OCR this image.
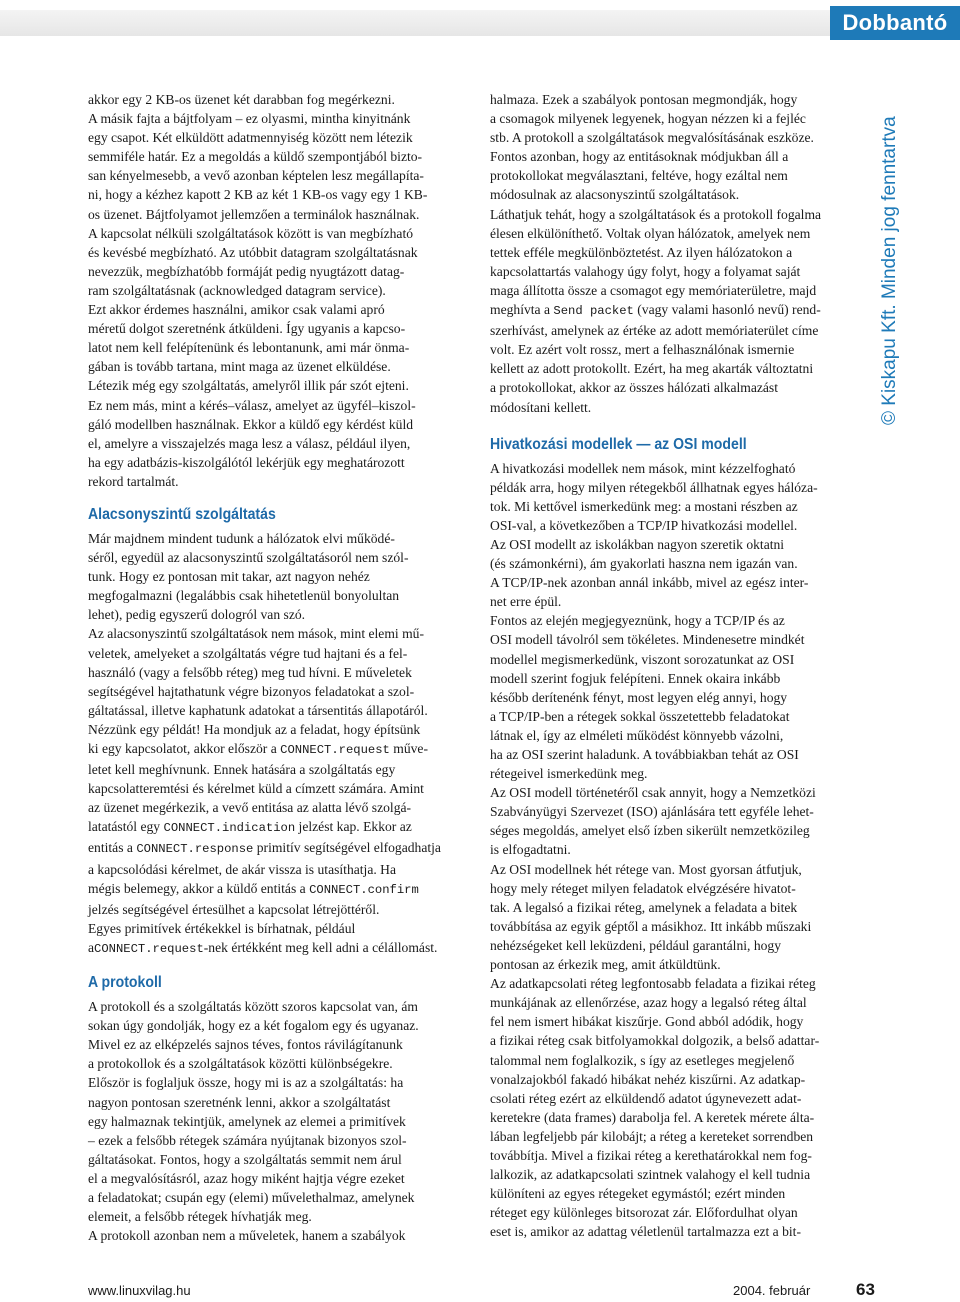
Dobbantó

akkor egy 2 KB-os üzenet két darabban fog megérkezni.
A másik fajta a bájtfolyam – ez olyasmi, mintha kinyitnánk
egy csapot. Két elküldött adatmennyiség között nem létezik
semmiféle határ. Ez a megoldás a küldő szempontjából bizto-
san kényelmesebb, a vevő azonban képtelen lesz megállapíta-
ni, hogy a kézhez kapott 2 KB az két 1 KB-os vagy egy 1 KB-
os üzenet. Bájtfolyamot jellemzően a terminálok használnak.

A kapcsolat nélküli szolgáltatások között is van megbízható
és kevésbé megbízható. Az utóbbit datagram szolgáltatásnak
nevezzük, megbízhatóbb formáját pedig nyugtázott datag-
ram szolgáltatásnak (acknowledged datagram service).

Ezt akkor érdemes használni, amikor csak valami apró
méretű dolgot szeretnénk átküldeni. Így ugyanis a kapcso-
latot nem kell felépítenünk és lebontanunk, ami már önma-
gában is tovább tartana, mint maga az üzenet elküldése.

Létezik még egy szolgáltatás, amelyről illik pár szót ejteni.
Ez nem más, mint a kérés–válasz, amelyet az ügyfél–kiszol-
gáló modellben használnak. Ekkor a küldő egy kérdést küld
el, amelyre a visszajelzés maga lesz a válasz, például ilyen,
ha egy adatbázis-kiszolgálótól lekérjük egy meghatározott
rekord tartalmát.

Alacsonyszintű szolgáltatás

Már majdnem mindent tudunk a hálózatok elvi működé-
séről, egyedül az alacsonyszintű szolgáltatásoról nem szól-
tunk. Hogy ez pontosan mit takar, azt nagyon nehéz
megfogalmazni (legalábbis csak hihetetlenül bonyolultan
lehet), pedig egyszerű dologról van szó.

Az alacsonyszintű szolgáltatások nem mások, mint elemi mű-
veletek, amelyeket a szolgáltatás végre tud hajtani és a fel-
használó (vagy a felsőbb réteg) meg tud hívni. E műveletek
segítségével hajtathatunk végre bizonyos feladatokat a szol-
gáltatással, illetve kaphatunk adatokat a társentitás állapotáról.

Nézzünk egy példát! Ha mondjuk az a feladat, hogy építsünk
ki egy kapcsolatot, akkor először a CONNECT.request műve-
letet kell meghívnunk. Ennek hatására a szolgáltatás egy
kapcsolatteremtési és kérelmet küld a címzett számára. Amint
az üzenet megérkezik, a vevő entitása az alatta lévő szolgá-
latatástól egy CONNECT.indication jelzést kap. Ekkor az
entitás a CONNECT.response primitív segítségével elfogadhatja
a kapcsolódási kérelmet, de akár vissza is utasíthatja. Ha
mégis belemegy, akkor a küldő entitás a CONNECT.confirm
jelzés segítségével értesülhet a kapcsolat létrejöttéről.

Egyes primitívek értékekkel is bírhatnak, például aCONNECT.request-nek értékként meg kell adni a célállomást.

A protokoll

A protokoll és a szolgáltatás között szoros kapcsolat van, ám
sokan úgy gondolják, hogy ez a két fogalom egy és ugyanaz.
Mivel ez az elképzelés sajnos téves, fontos rávilágítanunk
a protokollok és a szolgáltatások közötti különbségekre.

Először is foglaljuk össze, hogy mi is az a szolgáltatás: ha
nagyon pontosan szeretnénk lenni, akkor a szolgáltatást
egy halmaznak tekintjük, amelynek az elemei a primitívek
– ezek a felsőbb rétegek számára nyújtanak bizonyos szol-
gáltatásokat. Fontos, hogy a szolgáltatás semmit nem árul
el a megvalósításról, azaz hogy miként hajtja végre ezeket
a feladatokat; csupán egy (elemi) művelethalmaz, amelynek
elemeit, a felsőbb rétegek hívhatják meg.

A protokoll azonban nem a műveletek, hanem a szabályok

halmaza. Ezek a szabályok pontosan megmondják, hogy
a csomagok milyenek legyenek, hogyan nézzen ki a fejléc
stb. A protokoll a szolgáltatások megvalósításának eszköze.
Fontos azonban, hogy az entitásoknak módjukban áll a
protokollokat megválasztani, feltéve, hogy ezáltal nem
módosulnak az alacsonyszintű szolgáltatások.

Láthatjuk tehát, hogy a szolgáltatások és a protokoll fogalma
élesen elkülöníthető. Voltak olyan hálózatok, amelyek nem
tettek efféle megkülönböztetést. Az ilyen hálózatokon a
kapcsolattartás valahogy úgy folyt, hogy a folyamat saját
maga állította össze a csomagot egy memóriaterületre, majd
meghívta a Send packet (vagy valami hasonló nevű) rend-
szerhívást, amelynek az értéke az adott memóriaterület címe
volt. Ez azért volt rossz, mert a felhasználónak ismernie
kellett az adott protokollt. Ezért, ha meg akarták változtatni
a protokollokat, akkor az összes hálózati alkalmazást
módosítani kellett.

Hivatkozási modellek — az OSI modell

A hivatkozási modellek nem mások, mint kézzelfogható
példák arra, hogy milyen rétegekből állhatnak egyes hálóza-
tok. Mi kettővel ismerkedünk meg: a mostani részben az
OSI-val, a következőben a TCP/IP hivatkozási modellel.

Az OSI modellt az iskolákban nagyon szeretik oktatni
(és számonkérni), ám gyakorlati haszna nem igazán van.
A TCP/IP-nek azonban annál inkább, mivel az egész inter-
net erre épül.

Fontos az elején megjegyeznünk, hogy a TCP/IP és az
OSI modell távolról sem tökéletes. Mindenesetre mindkét
modellel megismerkedünk, viszont sorozatunkat az OSI
modell szerint fogjuk felépíteni. Ennek okaira inkább
később derítenénk fényt, most legyen elég annyi, hogy
a TCP/IP-ben a rétegek sokkal összetettebb feladatokat
látnak el, így az elméleti működést könnyebb vázolni,
ha az OSI szerint haladunk. A továbbiakban tehát az OSI
rétegeivel ismerkedünk meg.

Az OSI modell történetéről csak annyit, hogy a Nemzetközi
Szabványügyi Szervezet (ISO) ajánlására tett egyféle lehet-
séges megoldás, amelyet első ízben sikerült nemzetközileg
is elfogadtatni.

Az OSI modellnek hét rétege van. Most gyorsan átfutjuk,
hogy mely réteget milyen feladatok elvégzésére hivatot-
tak. A legalsó a fizikai réteg, amelynek a feladata a bitek
továbbítása az egyik géptől a másikhoz. Itt inkább műszaki
nehézségeket kell leküzdeni, például garantálni, hogy
pontosan az érkezik meg, amit átküldtünk.

Az adatkapcsolati réteg legfontosabb feladata a fizikai réteg
munkájának az ellenőrzése, azaz hogy a legalsó réteg által
fel nem ismert hibákat kiszűrje. Gond abból adódik, hogy
a fizikai réteg csak bitfolyamokkal dolgozik, a belső adattar-
talommal nem foglalkozik, s így az esetleges megjelenő
vonalzajokból fakadó hibákat nehéz kiszűrni. Az adatkap-
csolati réteg ezért az elküldendő adatot úgynevezett adat-
keretekre (data frames) darabolja fel. A keretek mérete álta-
lában legfeljebb pár kilobájt; a réteg a kereteket sorrendben
továbbítja. Mivel a fizikai réteg a kerethatárokkal nem fog-
lalkozik, az adatkapcsolati szintnek valahogy el kell tudnia
különíteni az egyes rétegeket egymástól; ezért minden
réteget egy különleges bitsorozat zár. Előfordulhat olyan
eset is, amikor az adattag véletlenül tartalmazza ezt a bit-

© Kiskapu Kft. Minden jog fenntartva
www.linuxvilag.hu	2004. február	63
